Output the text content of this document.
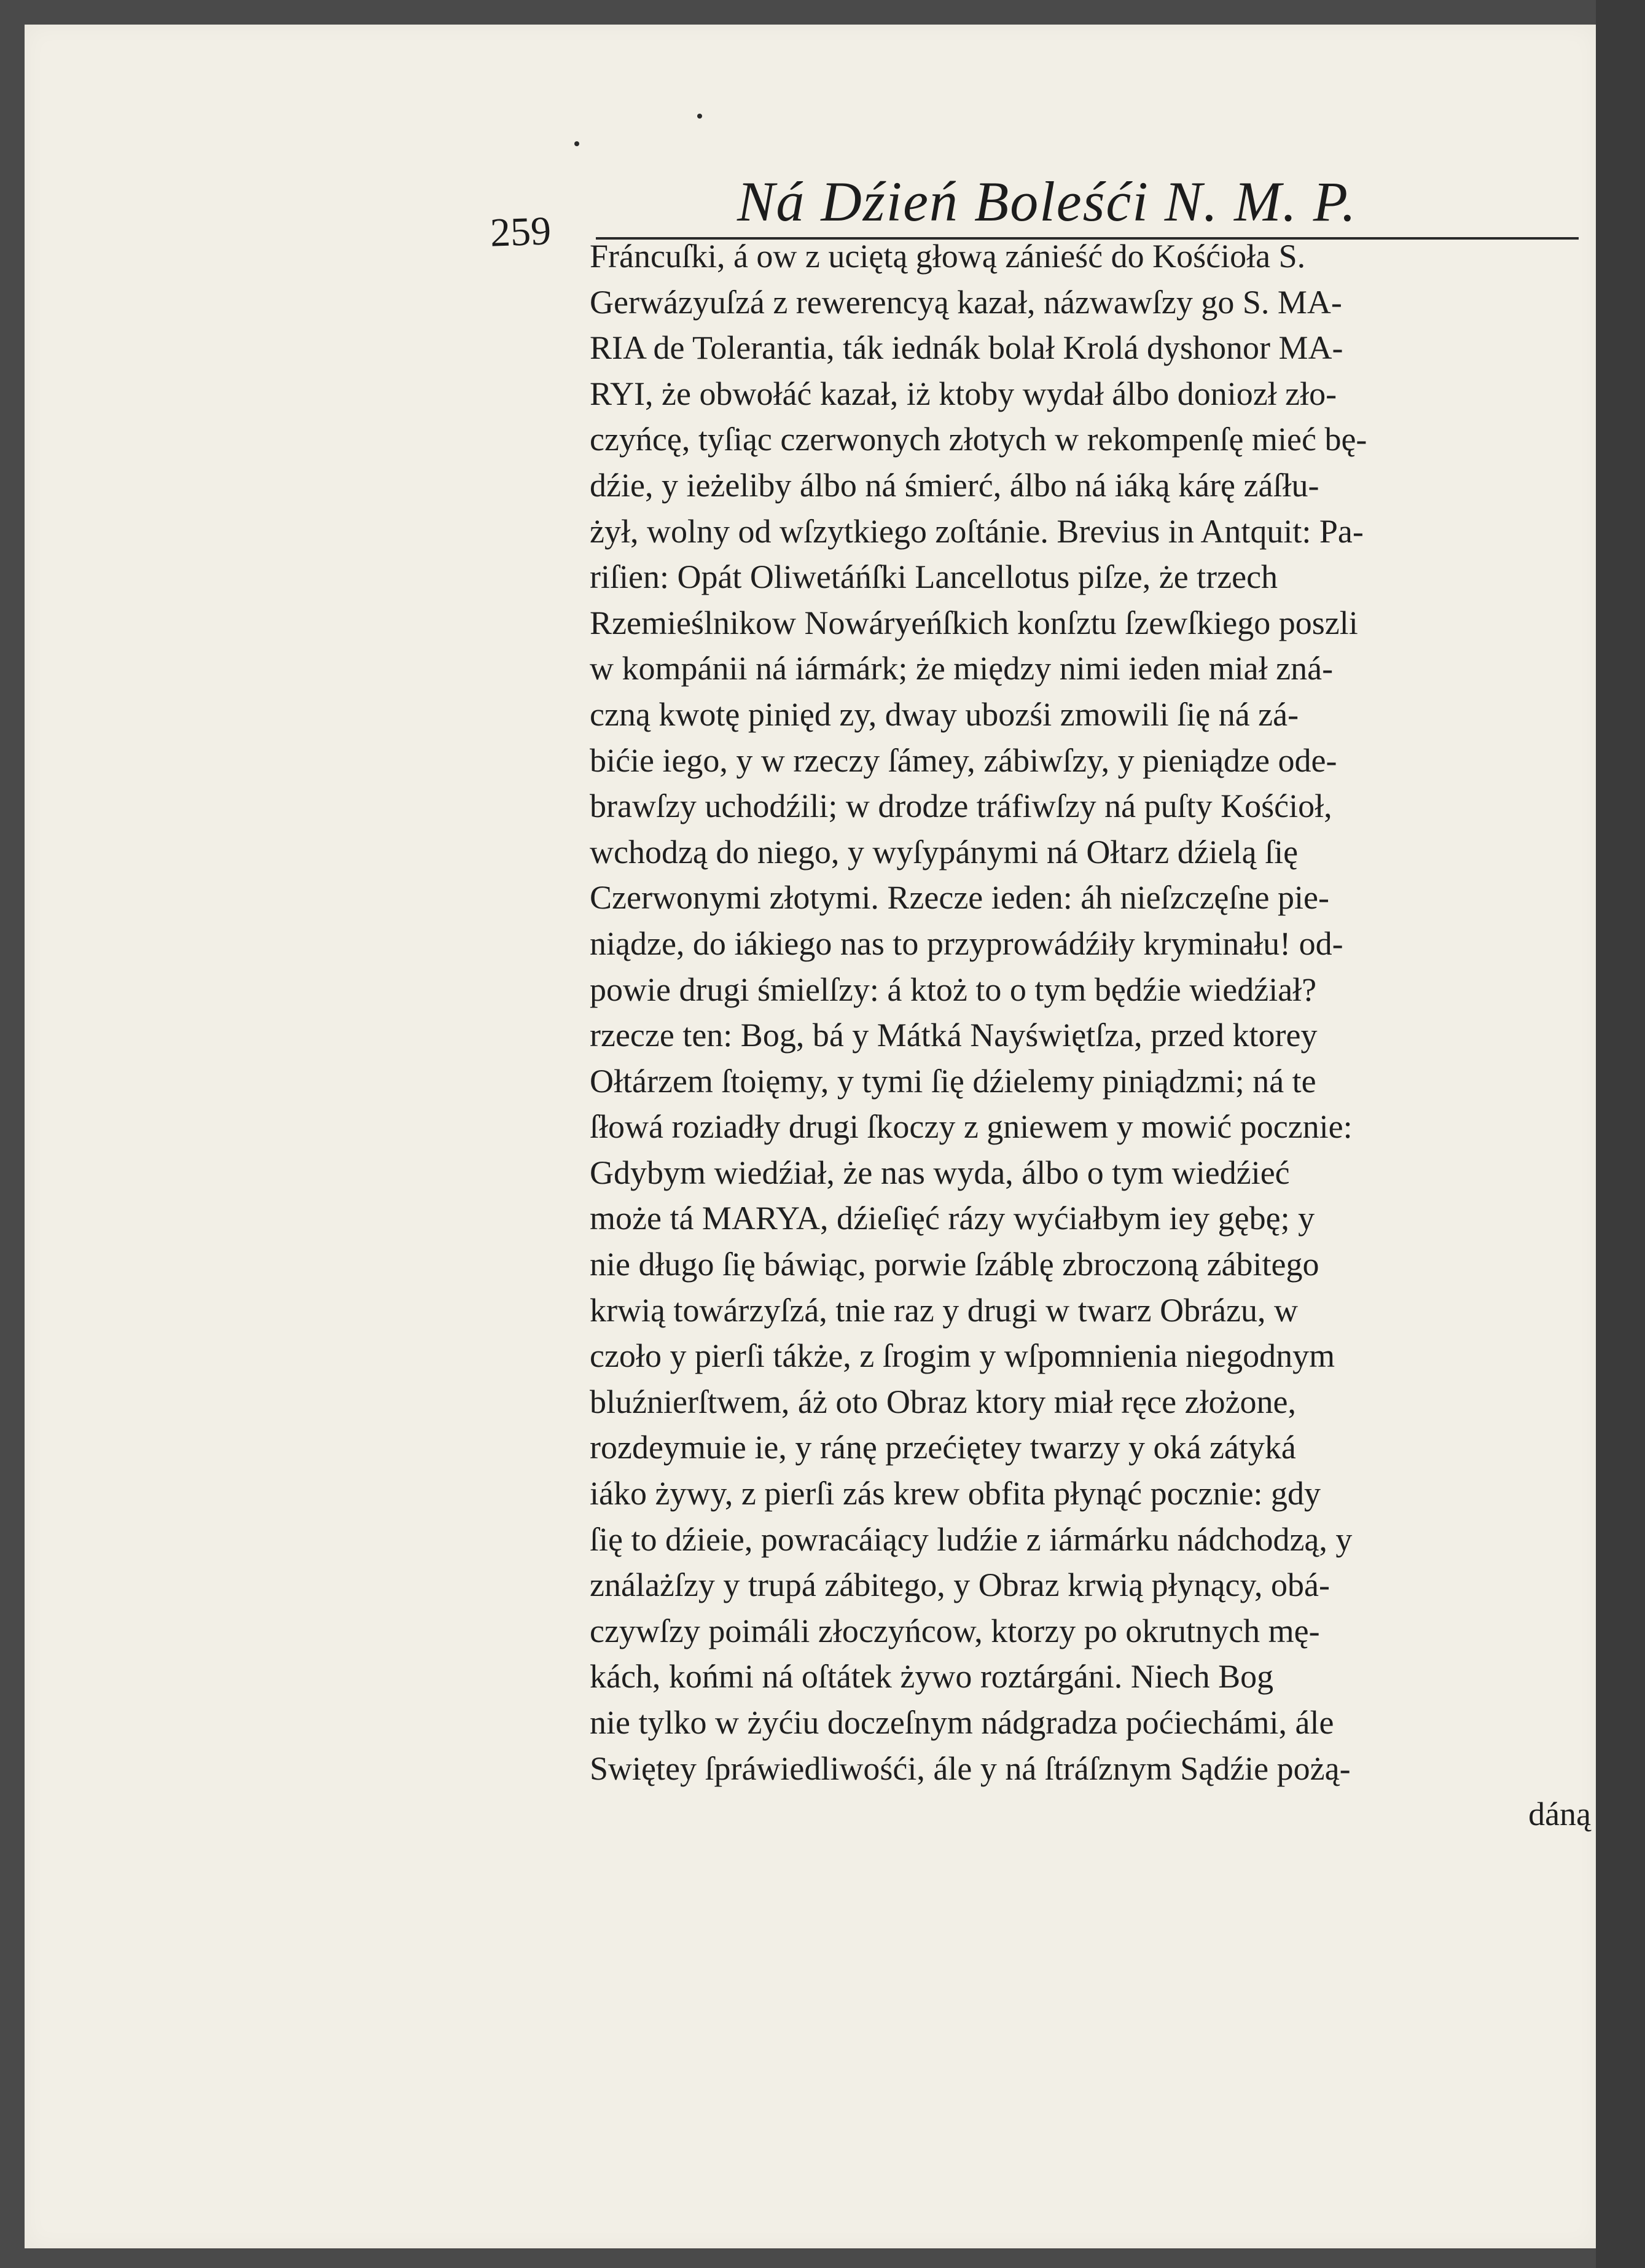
259	Ná Dźień Boleśći N. M. P.
Fráncuſki, á ow z uciętą głową zánieść do Kośćioła S.
Gerwázyuſzá z rewerencyą kazał, názwawſzy go S. MA-
RIA de Tolerantia, ták iednák bolał Krolá dyshonor MA-
RYI, że obwołáć kazał, iż ktoby wydał álbo doniozł zło-
czyńcę, tyſiąc czerwonych złotych w rekompenſę mieć bę-
dźie, y ieżeliby álbo ná śmierć, álbo ná iáką kárę záſłu-
żył, wolny od wſzytkiego zoſtánie. Brevius in Antquit: Pa-
riſien: Opát Oliwetáńſki Lancellotus piſze, że trzech
Rzemieślnikow Nowáryeńſkich konſztu ſzewſkiego poszli
w kompánii ná iármárk; że między nimi ieden miał zná-
czną kwotę pinięd zy, dway ubozśi zmowili ſię ná zá-
bićie iego, y w rzeczy ſámey, zábiwſzy, y pieniądze ode-
brawſzy uchodźili; w drodze tráfiwſzy ná puſty Kośćioł,
wchodzą do niego, y wyſypánymi ná Ołtarz dźielą ſię
Czerwonymi złotymi. Rzecze ieden: áh nieſzczęſne pie-
niądze, do iákiego nas to przyprowádźiły kryminału! od-
powie drugi śmielſzy: á ktoż to o tym będźie wiedźiał?
rzecze ten: Bog, bá y Mátká Nayświętſza, przed ktorey
Ołtárzem ſtoięmy, y tymi ſię dźielemy piniądzmi; ná te
ſłowá roziadły drugi ſkoczy z gniewem y mowić pocznie:
Gdybym wiedźiał, że nas wyda, álbo o tym wiedźieć
może tá MARYA, dźieſięć rázy wyćiałbym iey gębę; y
nie długo ſię báwiąc, porwie ſzáblę zbroczoną zábitego
krwią towárzyſzá, tnie raz y drugi w twarz Obrázu, w
czoło y pierſi tákże, z ſrogim y wſpomnienia niegodnym
bluźnierſtwem, áż oto Obraz ktory miał ręce złożone,
rozdeymuie ie, y ránę przećiętey twarzy y oká zátyká
iáko żywy, z pierſi zás krew obfita płynąć pocznie: gdy
ſię to dźieie, powracáiący ludźie z iármárku nádchodzą, y
ználażſzy y trupá zábitego, y Obraz krwią płynący, obá-
czywſzy poimáli złoczyńcow, ktorzy po okrutnych mę-
kách, końmi ná oſtátek żywo roztárgáni. Niech Bog
nie tylko w żyćiu doczeſnym nádgradza poćiechámi, ále
Swiętey ſpráwiedliwośći, ále y ná ſtráſznym Sądźie pożą-
dáną
